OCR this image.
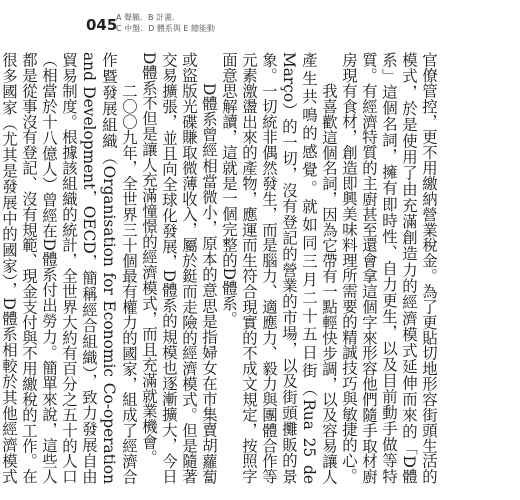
045
A 聲籟．B 計畫．
C 中盤．D 體系與 E 總能動

官僚管控，更不用繳納營業稅金。為了更貼切地形容街頭生活的模式，於是使用了由充滿創造力的經濟模式延伸而來的「D體系」這個名詞，擁有即時性、自力更生，以及目前動手做等特質。有經濟特質的主廚甚至還會拿這個字來形容他們隨手取材廚房現有食材，創造即興美味料理所需要的精誠技巧與敏捷的心。

我喜歡這個名詞，因為它帶有一點輕快步調，以及容易讓人產生共鳴的感覺。就如同三月二十五日街（Rua 25 de Março）的一切，沒有登記的營業的市場，以及街頭攤販的景象。一切統非偶然發生，而是腦力、適應力、毅力與團體合作等元素激盪出來的產物，應運而生符合現實的不成文規定，按照字面意思解讀，這就是一個完整的D體系。

D體系曾經相當微小，原本的意思是指婦女在市集賣胡蘿蔔或盜版光碟賺取微薄收入，屬於鋌而走險的經濟模式。但是隨著交易擴張，並且向全球化發展，D體系的規模也逐漸擴大，今日D體系不但是讓人充滿憧憬的經濟模式，而且充滿就業機會。

二〇〇九年，全世界三十個最有權力的國家，組成了經濟合作暨發展組織（Organisation for Economic Co-operation and Development，OECD，簡稱經合組織），致力發展自由貿易制度。根據該組織的統計，全世界大約有百分之五十的人口（相當於十八億人）曾經在D體系付出勞力。簡單來說，這些人都是從事沒有登記、沒有規範、現金支付與不用繳稅的工作。在很多國家（尤其是發展中的國家），D體系相較於其他經濟模式
